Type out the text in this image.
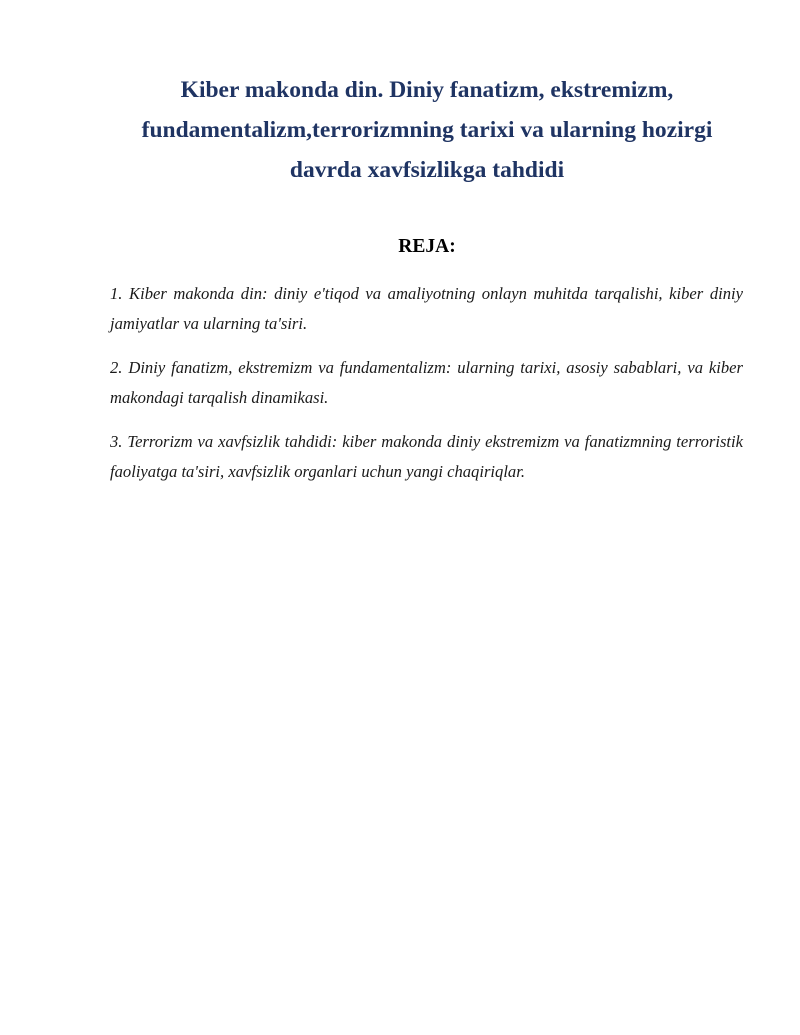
Kiber makonda din. Diniy fanatizm, ekstremizm,
fundamentalizm,terrorizmning tarixi va ularning hozirgi
davrda xavfsizlikga tahdidi
REJA:
1. Kiber makonda din: diniy e'tiqod va amaliyotning onlayn muhitda tarqalishi, kiber diniy jamiyatlar va ularning ta'siri.
2. Diniy fanatizm, ekstremizm va fundamentalizm: ularning tarixi, asosiy sabablari, va kiber makondagi tarqalish dinamikasi.
3. Terrorizm va xavfsizlik tahdidi: kiber makonda diniy ekstremizm va fanatizmning terroristik faoliyatga ta'siri, xavfsizlik organlari uchun yangi chaqiriqlar.
